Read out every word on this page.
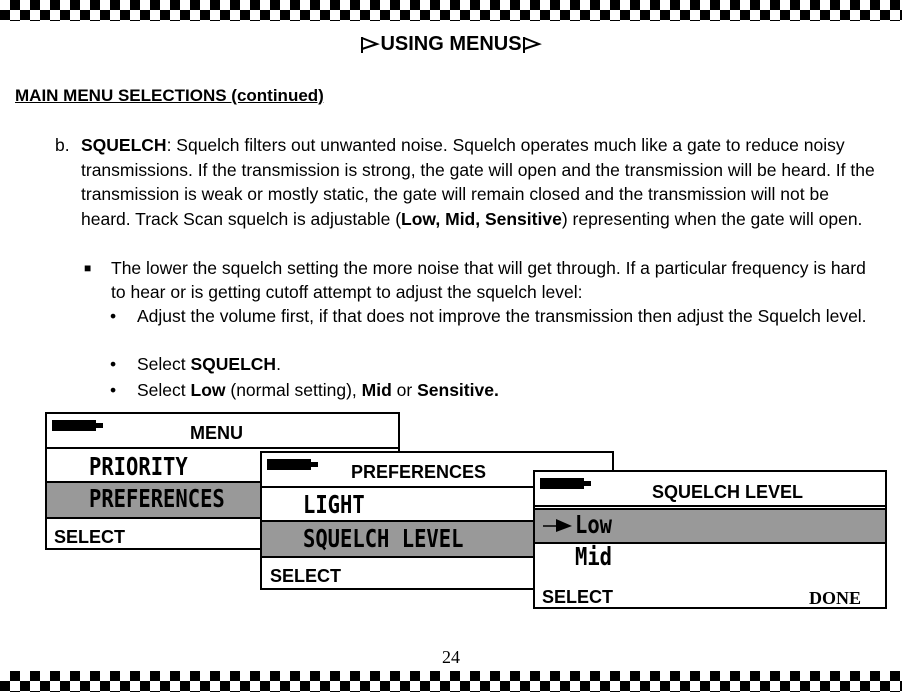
USING MENUS
MAIN MENU SELECTIONS (continued)
b. SQUELCH: Squelch filters out unwanted noise. Squelch operates much like a gate to reduce noisy transmissions. If the transmission is strong, the gate will open and the transmission will be heard. If the transmission is weak or mostly static, the gate will remain closed and the transmission will not be heard. Track Scan squelch is adjustable (Low, Mid, Sensitive) representing when the gate will open.
■ The lower the squelch setting the more noise that will get through. If a particular frequency is hard to hear or is getting cutoff attempt to adjust the squelch level:
• Adjust the volume first, if that does not improve the transmission then adjust the Squelch level.
• Select SQUELCH.
• Select Low (normal setting), Mid or Sensitive.
MENU
PRIORITY
PREFERENCES
SELECT
PREFERENCES
LIGHT
SQUELCH LEVEL
SELECT
SQUELCH LEVEL
Low
Mid
SELECT	DONE
24
